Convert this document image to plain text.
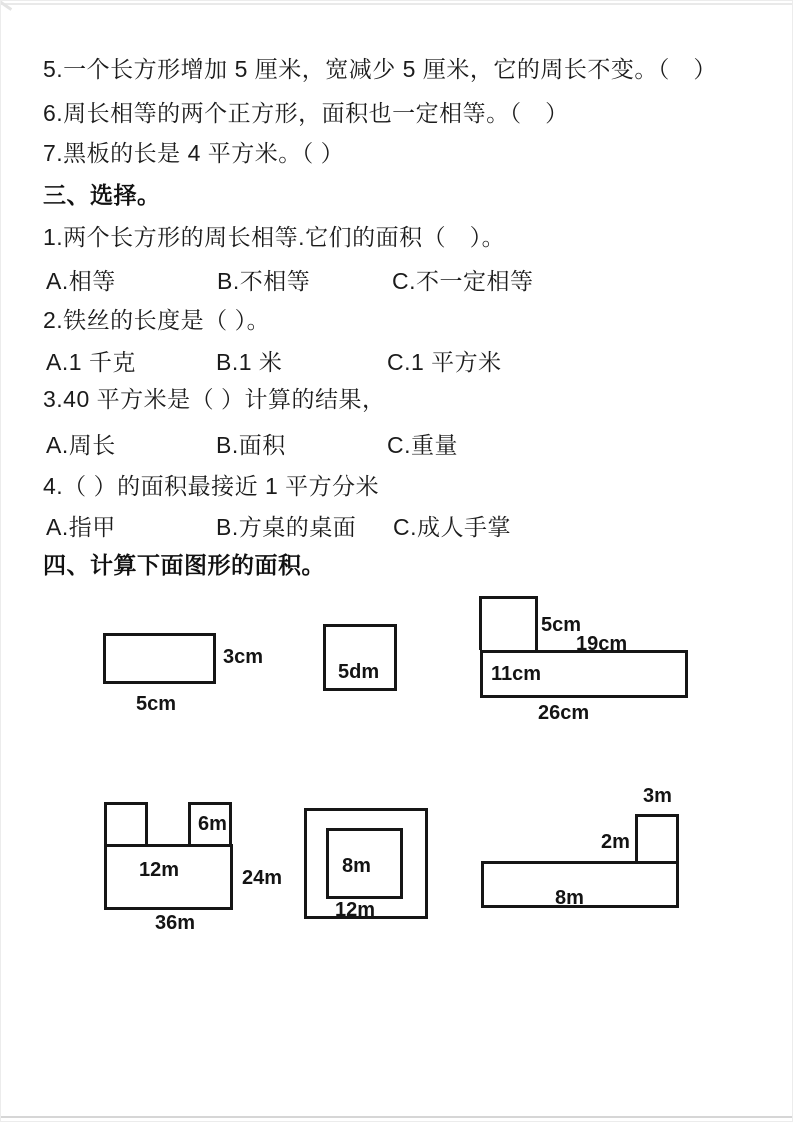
5.一个长方形增加 5 厘米，宽减少 5 厘米，它的周长不变。（　）
6.周长相等的两个正方形，面积也一定相等。（　）
7.黑板的长是 4 平方米。（ ）
三、选择。
1.两个长方形的周长相等.它们的面积（　）。
A.相等	B.不相等	C.不一定相等
2.铁丝的长度是（ ）。
A.1 千克	B.1 米	C.1 平方米
3.40 平方米是（ ）计算的结果，
A.周长	B.面积	C.重量
4.（ ）的面积最接近 1 平方分米
A.指甲	B.方桌的桌面 C.成人手掌
四、计算下面图形的面积。
3cm
5cm
5dm
5cm
19cm
11cm
26cm
6m
12m	24m
36m
8m
12m
3m
2m
8m
